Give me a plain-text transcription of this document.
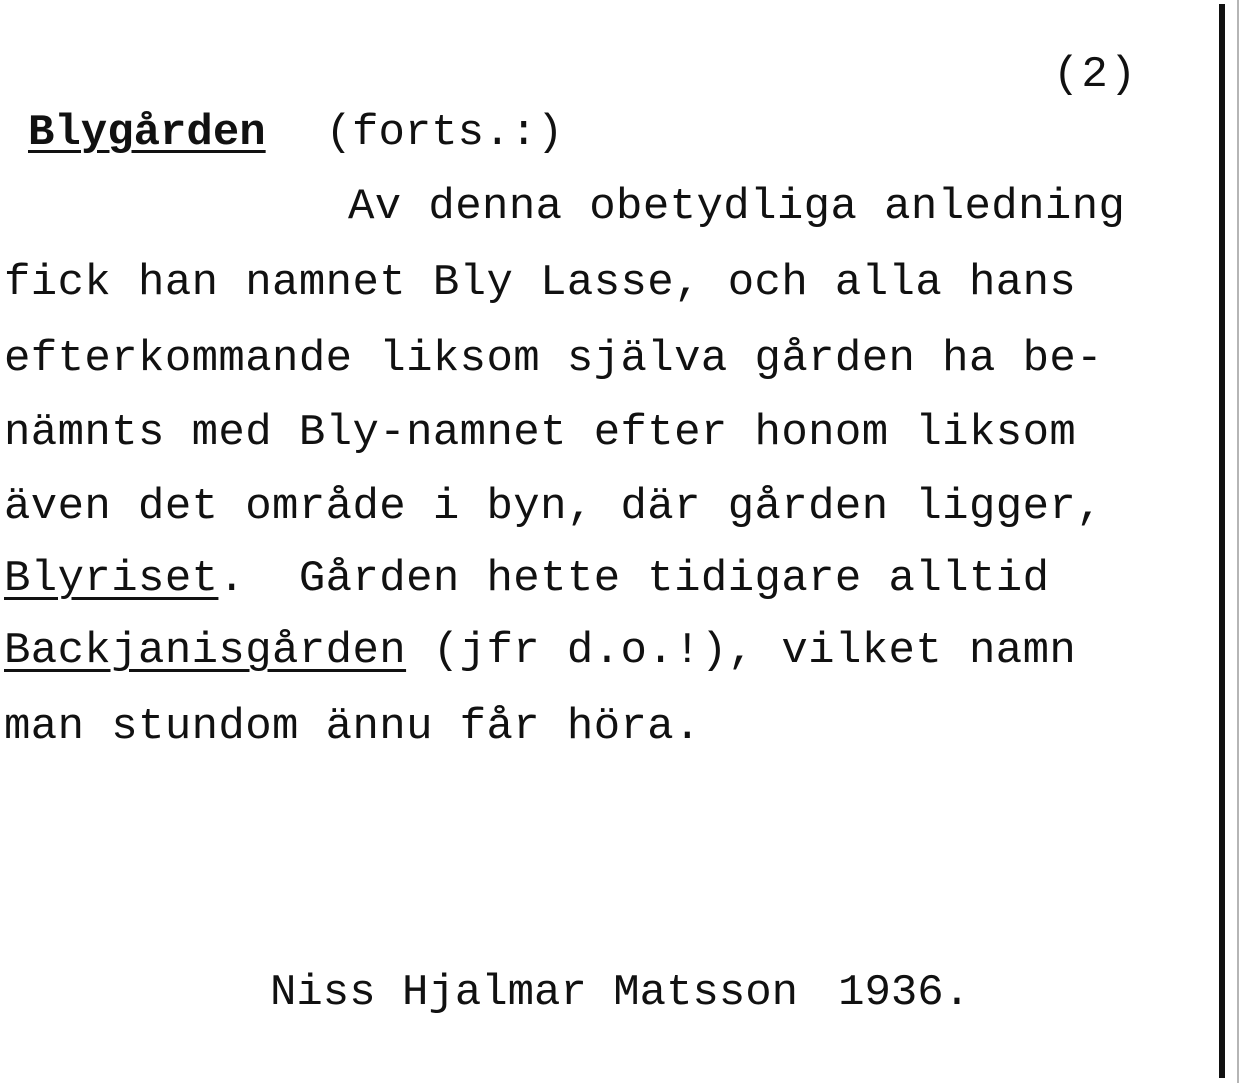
(2)
Blygården (forts.:)
Av denna obetydliga anledning
fick han namnet Bly Lasse, och alla hans
efterkommande liksom själva gården ha be-
nämnts med Bly-namnet efter honom liksom
även det område i byn, där gården ligger,
Blyriset.  Gården hette tidigare alltid
Backjanisgården (jfr d.o.!), vilket namn
man stundom ännu får höra.
Niss Hjalmar Matsson 1936.
